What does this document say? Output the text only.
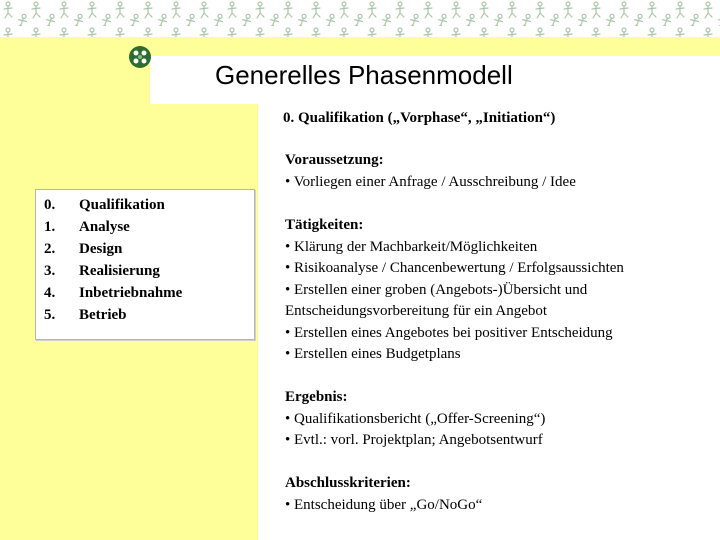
Generelles Phasenmodell
0. Qualifikation („Vorphase“, „Initiation“)
0. Qualifikation
1. Analyse
2. Design
3. Realisierung
4. Inbetriebnahme
5. Betrieb
Voraussetzung:
• Vorliegen einer Anfrage / Ausschreibung / Idee
Tätigkeiten:
• Klärung der Machbarkeit/Möglichkeiten
• Risikoanalyse / Chancenbewertung / Erfolgsaussichten
• Erstellen einer groben (Angebots-)Übersicht und
Entscheidungsvorbereitung für ein Angebot
• Erstellen eines Angebotes bei positiver Entscheidung
• Erstellen eines Budgetplans
Ergebnis:
• Qualifikationsbericht („Offer-Screening“)
• Evtl.: vorl. Projektplan; Angebotsentwurf
Abschlusskriterien:
• Entscheidung über „Go/NoGo“
